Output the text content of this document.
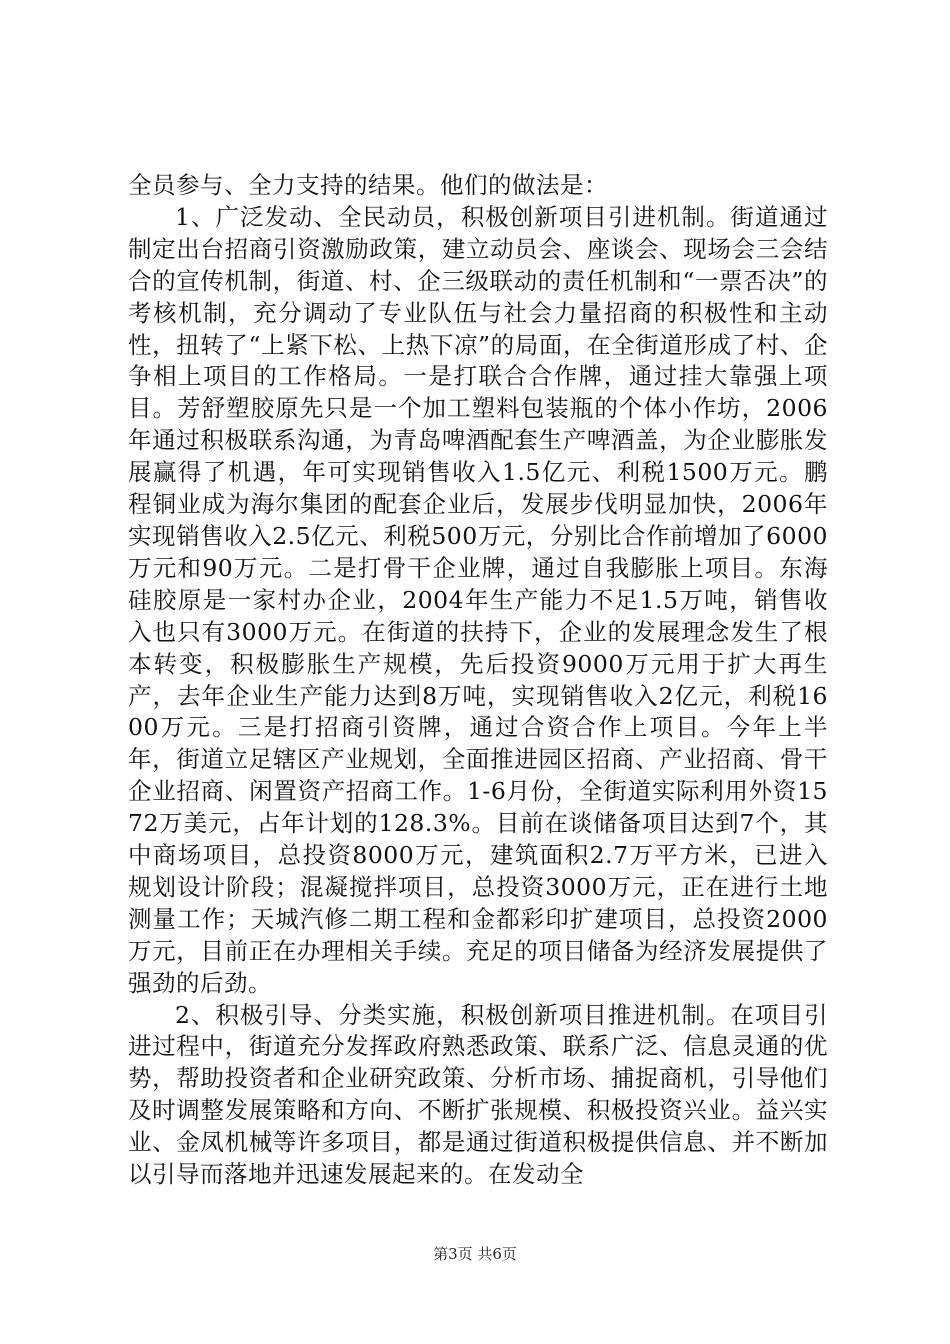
全员参与、全力支持的结果。他们的做法是：

1、广泛发动、全民动员，积极创新项目引进机制。街道通过制定出台招商引资激励政策，建立动员会、座谈会、现场会三会结合的宣传机制，街道、村、企三级联动的责任机制和“一票否决”的考核机制，充分调动了专业队伍与社会力量招商的积极性和主动性，扭转了“上紧下松、上热下凉”的局面，在全街道形成了村、企争相上项目的工作格局。一是打联合合作牌，通过挂大靠强上项目。芳舒塑胶原先只是一个加工塑料包装瓶的个体小作坊，2006年通过积极联系沟通，为青岛啤酒配套生产啤酒盖，为企业膨胀发展赢得了机遇，年可实现销售收入1.5亿元、利税1500万元。鹏程铜业成为海尔集团的配套企业后，发展步伐明显加快，2006年实现销售收入2.5亿元、利税500万元，分别比合作前增加了6000万元和90万元。二是打骨干企业牌，通过自我膨胀上项目。东海硅胶原是一家村办企业，2004年生产能力不足1.5万吨，销售收入也只有3000万元。在街道的扶持下，企业的发展理念发生了根本转变，积极膨胀生产规模，先后投资9000万元用于扩大再生产，去年企业生产能力达到8万吨，实现销售收入2亿元，利税1600万元。三是打招商引资牌，通过合资合作上项目。今年上半年，街道立足辖区产业规划，全面推进园区招商、产业招商、骨干企业招商、闲置资产招商工作。1-6月份，全街道实际利用外资1572万美元，占年计划的128.3%。目前在谈储备项目达到7个，其中商场项目，总投资8000万元，建筑面积2.7万平方米，已进入规划设计阶段；混凝搅拌项目，总投资3000万元，正在进行土地测量工作；天城汽修二期工程和金都彩印扩建项目，总投资2000万元，目前正在办理相关手续。充足的项目储备为经济发展提供了强劲的后劲。

2、积极引导、分类实施，积极创新项目推进机制。在项目引进过程中，街道充分发挥政府熟悉政策、联系广泛、信息灵通的优势，帮助投资者和企业研究政策、分析市场、捕捉商机，引导他们及时调整发展策略和方向、不断扩张规模、积极投资兴业。益兴实业、金凤机械等许多项目，都是通过街道积极提供信息、并不断加以引导而落地并迅速发展起来的。在发动全

第3页 共6页
